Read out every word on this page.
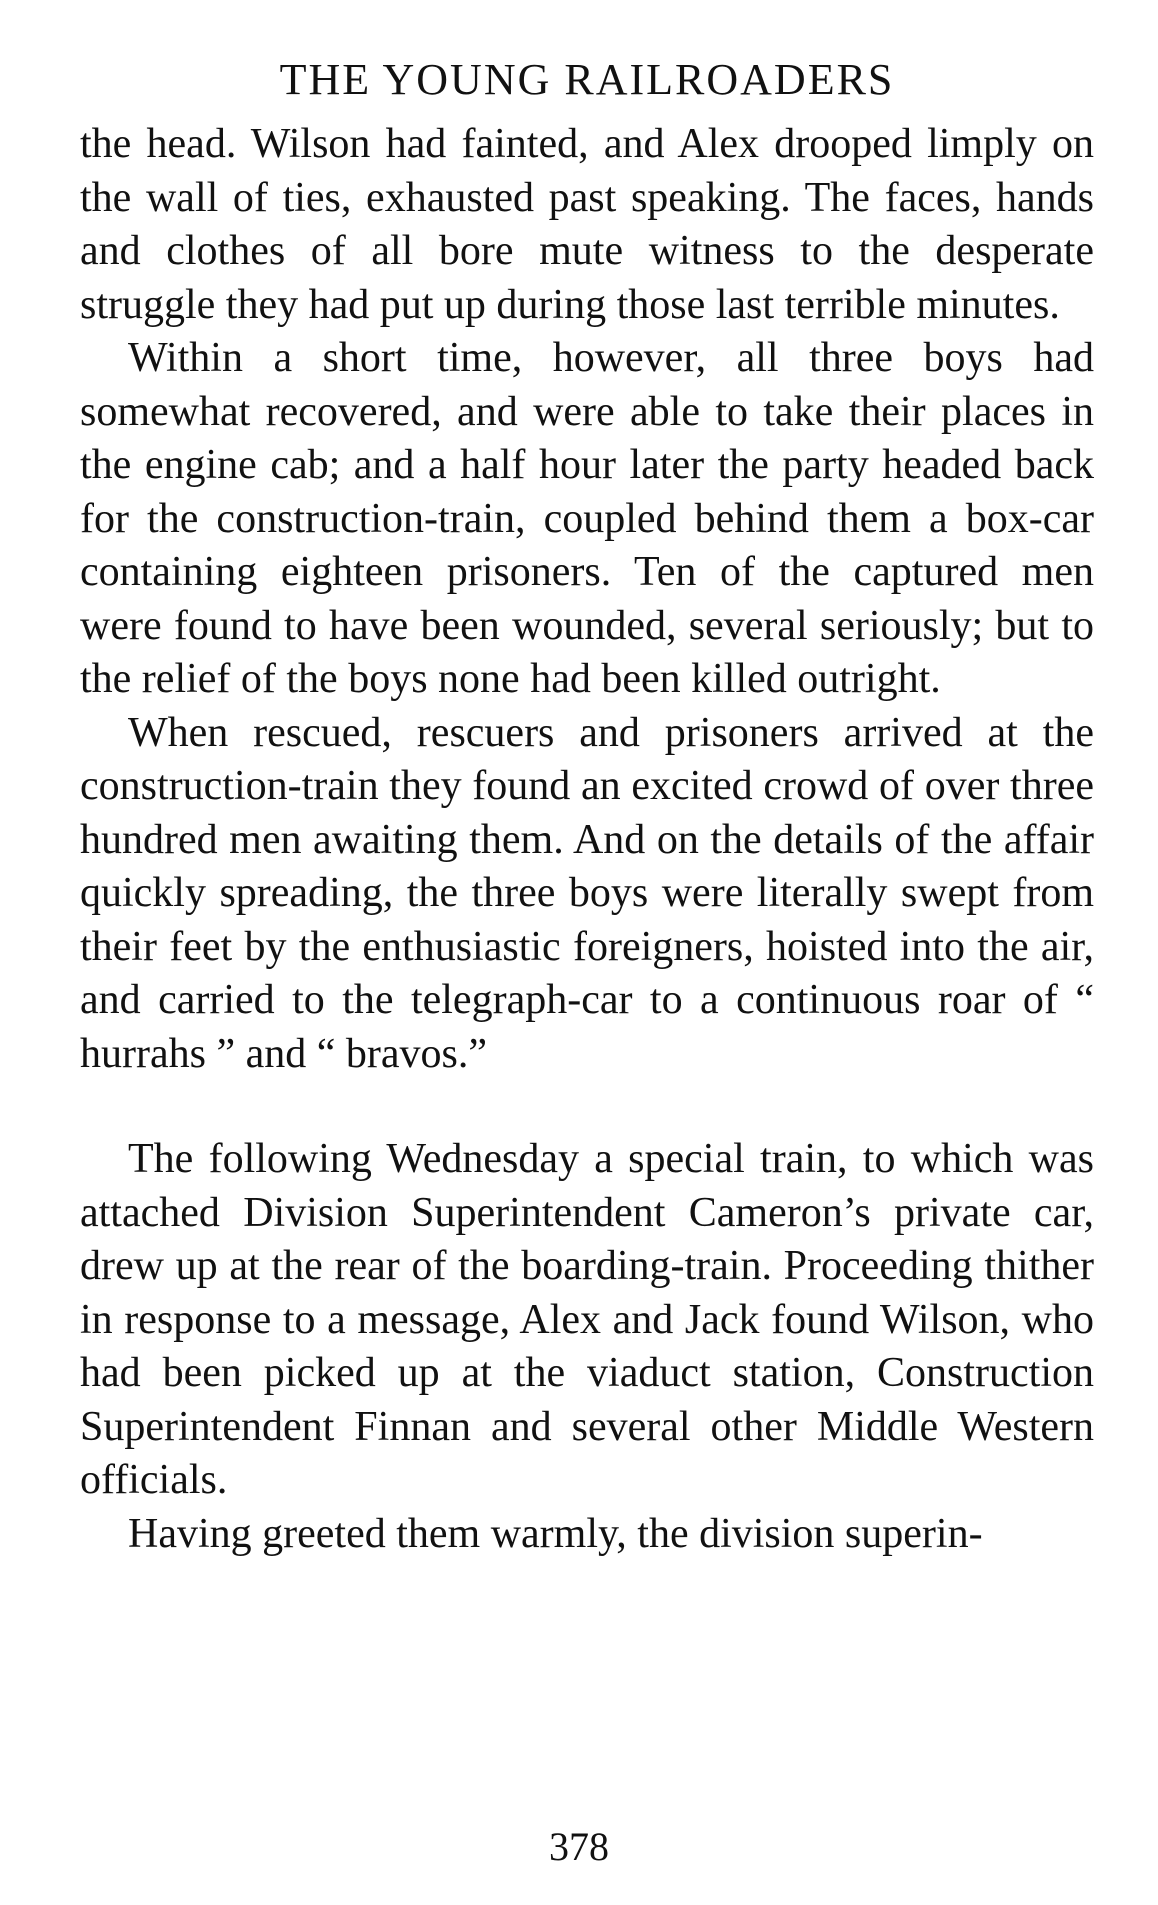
THE YOUNG RAILROADERS

the head. Wilson had fainted, and Alex drooped limply on the wall of ties, exhausted past speaking. The faces, hands and clothes of all bore mute witness to the desperate struggle they had put up during those last terrible minutes.

Within a short time, however, all three boys had somewhat recovered, and were able to take their places in the engine cab; and a half hour later the party headed back for the construction-train, coupled behind them a box-car containing eighteen prisoners. Ten of the captured men were found to have been wounded, several seriously; but to the relief of the boys none had been killed outright.

When rescued, rescuers and prisoners arrived at the construction-train they found an excited crowd of over three hundred men awaiting them. And on the details of the affair quickly spreading, the three boys were literally swept from their feet by the enthusiastic foreigners, hoisted into the air, and carried to the telegraph-car to a continuous roar of “ hurrahs ” and “ bravos.”

The following Wednesday a special train, to which was attached Division Superintendent Cameron’s private car, drew up at the rear of the boarding-train. Proceeding thither in response to a message, Alex and Jack found Wilson, who had been picked up at the viaduct station, Construction Superintendent Finnan and several other Middle Western officials.

Having greeted them warmly, the division superin-

378
